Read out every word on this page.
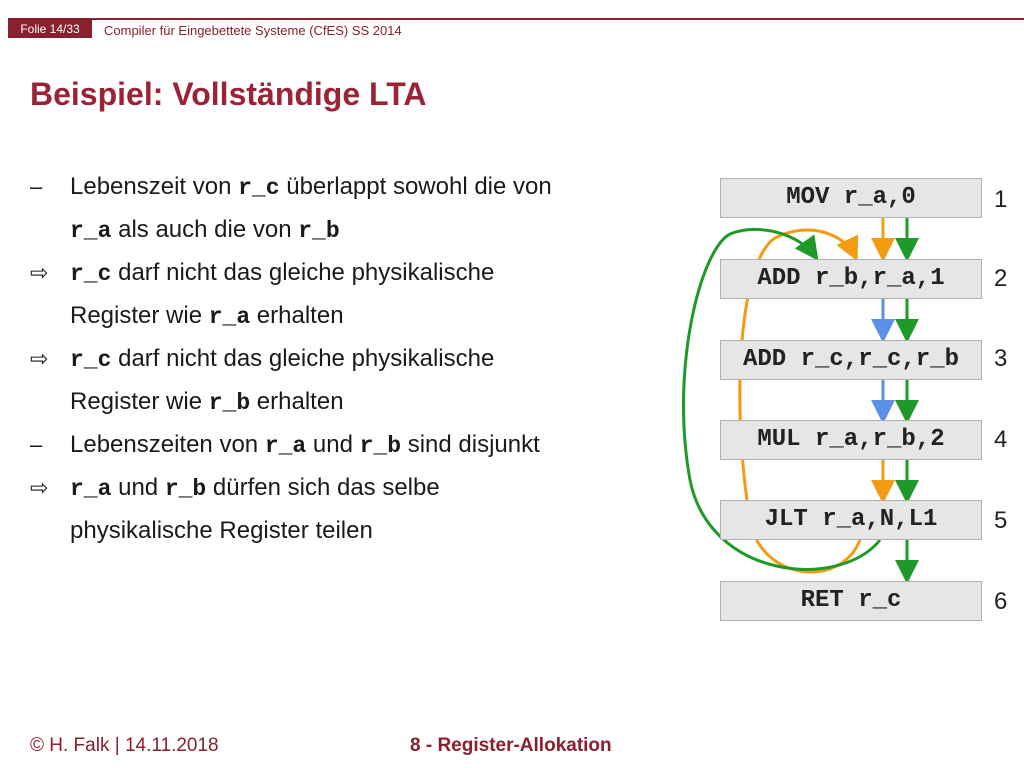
Folie 14/33	Compiler für Eingebettete Systeme (CfES) SS 2014
Beispiel: Vollständige LTA
–	Lebenszeit von r_c überlappt sowohl die von
r_a als auch die von r_b
⇨ r_c darf nicht das gleiche physikalische
Register wie r_a erhalten
⇨ r_c darf nicht das gleiche physikalische
Register wie r_b erhalten
–	Lebenszeiten von r_a und r_b sind disjunkt
⇨ r_a und r_b dürfen sich das selbe
physikalische Register teilen
MOV r_a,0	1
ADD r_b,r_a,1	2
ADD r_c,r_c,r_b	3
MUL r_a,r_b,2	4
JLT r_a,N,L1	5
RET r_c	6
© H. Falk | 14.11.2018	8 - Register-Allokation
